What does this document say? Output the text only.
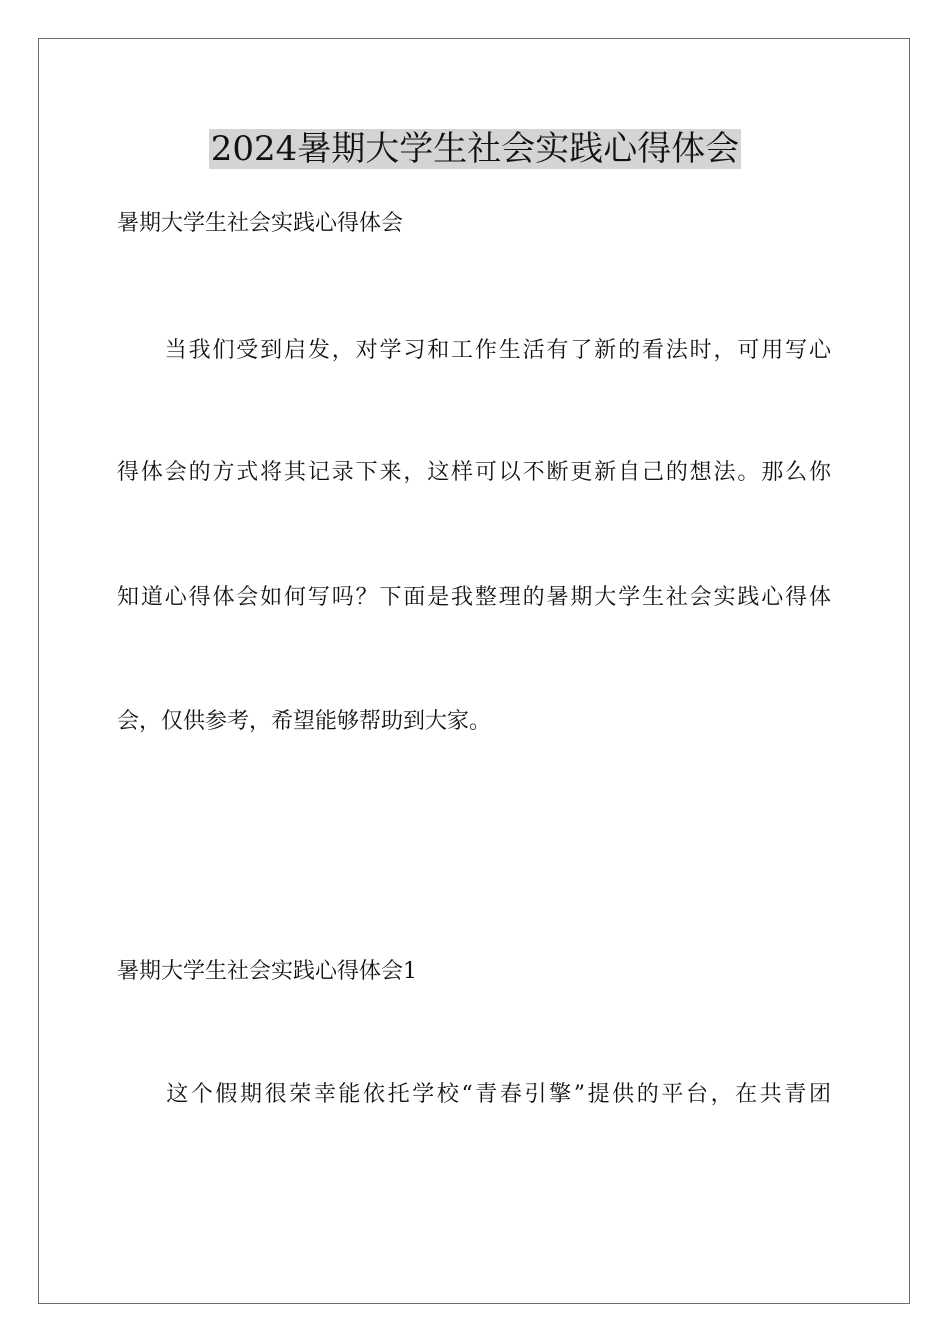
2024暑期大学生社会实践心得体会

暑期大学生社会实践心得体会

　　当我们受到启发，对学习和工作生活有了新的看法时，可用写心

得体会的方式将其记录下来，这样可以不断更新自己的想法。那么你

知道心得体会如何写吗？下面是我整理的暑期大学生社会实践心得体

会，仅供参考，希望能够帮助到大家。

暑期大学生社会实践心得体会1

　　这个假期很荣幸能依托学校“青春引擎”提供的平台，在共青团
